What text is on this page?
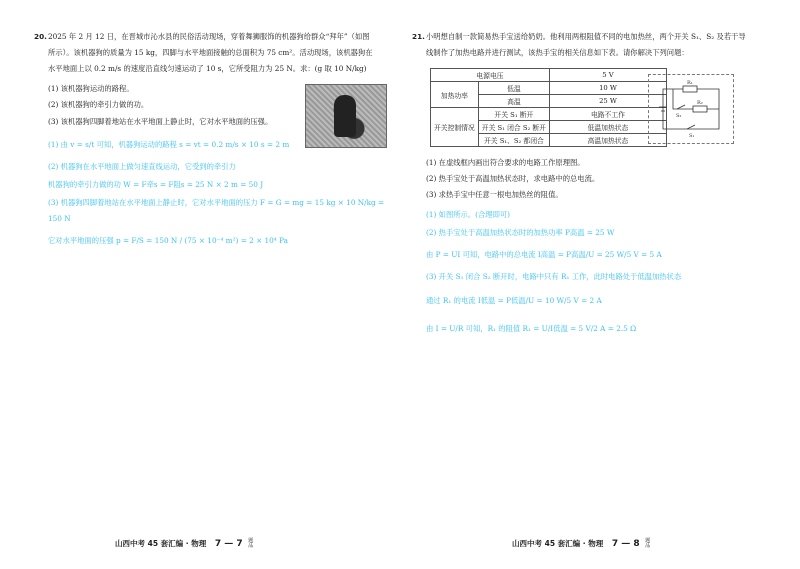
20. 2025 年 2 月 12 日，在晋城市沁水县的民俗活动现场，穿着舞狮服饰的机器狗给群众“拜年”（如图
所示）。该机器狗的质量为 15 kg，四脚与水平地面接触的总面积为 75 cm²。活动现场，该机器狗在
水平地面上以 0.2 m/s 的速度沿直线匀速运动了 10 s，它所受阻力为 25 N。求：(g 取 10 N/kg)
(1) 该机器狗运动的路程。
(2) 该机器狗的牵引力做的功。
(3) 该机器狗四脚着地站在水平地面上静止时，它对水平地面的压强。
(1) 由 v = s/t 可知，机器狗运动的路程 s = vt = 0.2 m/s × 10 s = 2 m
(2) 机器狗在水平地面上做匀速直线运动，它受到的牵引力
机器狗的牵引力做的功 W = F牵s = F阻s = 25 N × 2 m = 50 J
(3) 机器狗四脚着地站在水平地面上静止时，它对水平地面的压力 F = G = mg = 15 kg × 10 N/kg =
150 N
它对水平地面的压强 p = F/S = 150 N / (75 × 10⁻⁴ m²) = 2 × 10⁴ Pa
山西中考 45 套汇编 · 物理 7 — 7 题
品
21. 小明想自制一款简易热手宝送给奶奶。他利用两根阻值不同的电加热丝，两个开关 S₁、S₂ 及若干导
线制作了加热电路并进行测试，该热手宝的相关信息如下表。请你解决下列问题：
(1) 在虚线框内画出符合要求的电路工作原理图。
(2) 热手宝处于高温加热状态时，求电路中的总电流。
(3) 求热手宝中任意一根电加热丝的阻值。
(1) 如图所示。(合理即可)
(2) 热手宝处于高温加热状态时的加热功率 P高温 = 25 W
由 P = UI 可知，电路中的总电流 I高温 = P高温/U = 25 W/5 V = 5 A
(3) 开关 S₁ 闭合 S₂ 断开时，电路中只有 R₁ 工作，此时电路处于低温加热状态
通过 R₁ 的电流 I低温 = P低温/U = 10 W/5 V = 2 A
由 I = U/R 可知，R₁ 的阻值 R₁ = U/I低温 = 5 V/2 A = 2.5 Ω
山西中考 45 套汇编 · 物理 7 — 8 题
品
电源电压		5 V
加热功率	低温	10 W
	高温	25 W
开关控制情况	开关 S₁ 断开	电路不工作
	开关 S₁ 闭合 S₂ 断开	低温加热状态
	开关 S₁、S₂ 都闭合	高温加热状态
R₁
R₂
S₂
S₁
